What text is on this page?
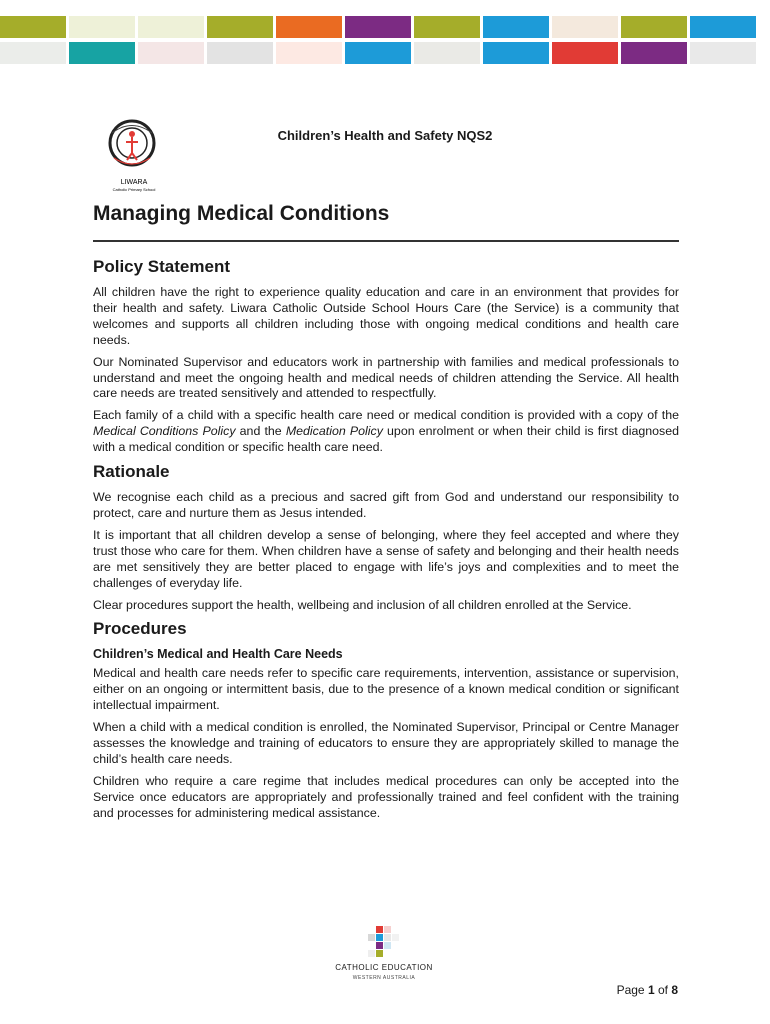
LIWARA
Catholic Primary School
Children’s Health and Safety NQS2
Managing Medical Conditions
Policy Statement

All children have the right to experience quality education and care in an environment that provides for their health and safety. Liwara Catholic Outside School Hours Care (the Service) is a community that welcomes and supports all children including those with ongoing medical conditions and health care needs.

Our Nominated Supervisor and educators work in partnership with families and medical professionals to understand and meet the ongoing health and medical needs of children attending the Service. All health care needs are treated sensitively and attended to respectfully.

Each family of a child with a specific health care need or medical condition is provided with a copy of the Medical Conditions Policy and the Medication Policy upon enrolment or when their child is first diagnosed with a medical condition or specific health care need.

Rationale

We recognise each child as a precious and sacred gift from God and understand our responsibility to protect, care and nurture them as Jesus intended.

It is important that all children develop a sense of belonging, where they feel accepted and where they trust those who care for them. When children have a sense of safety and belonging and their health needs are met sensitively they are better placed to engage with life’s joys and complexities and to meet the challenges of everyday life.

Clear procedures support the health, wellbeing and inclusion of all children enrolled at the Service.

Procedures
Children’s Medical and Health Care Needs

Medical and health care needs refer to specific care requirements, intervention, assistance or supervision, either on an ongoing or intermittent basis, due to the presence of a known medical condition or significant intellectual impairment.

When a child with a medical condition is enrolled, the Nominated Supervisor, Principal or Centre Manager assesses the knowledge and training of educators to ensure they are appropriately skilled to manage the child’s health care needs.

Children who require a care regime that includes medical procedures can only be accepted into the Service once educators are appropriately and professionally trained and feel confident with the training and processes for administering medical assistance.

CATHOLIC EDUCATION
WESTERN AUSTRALIA
Page 1 of 8
